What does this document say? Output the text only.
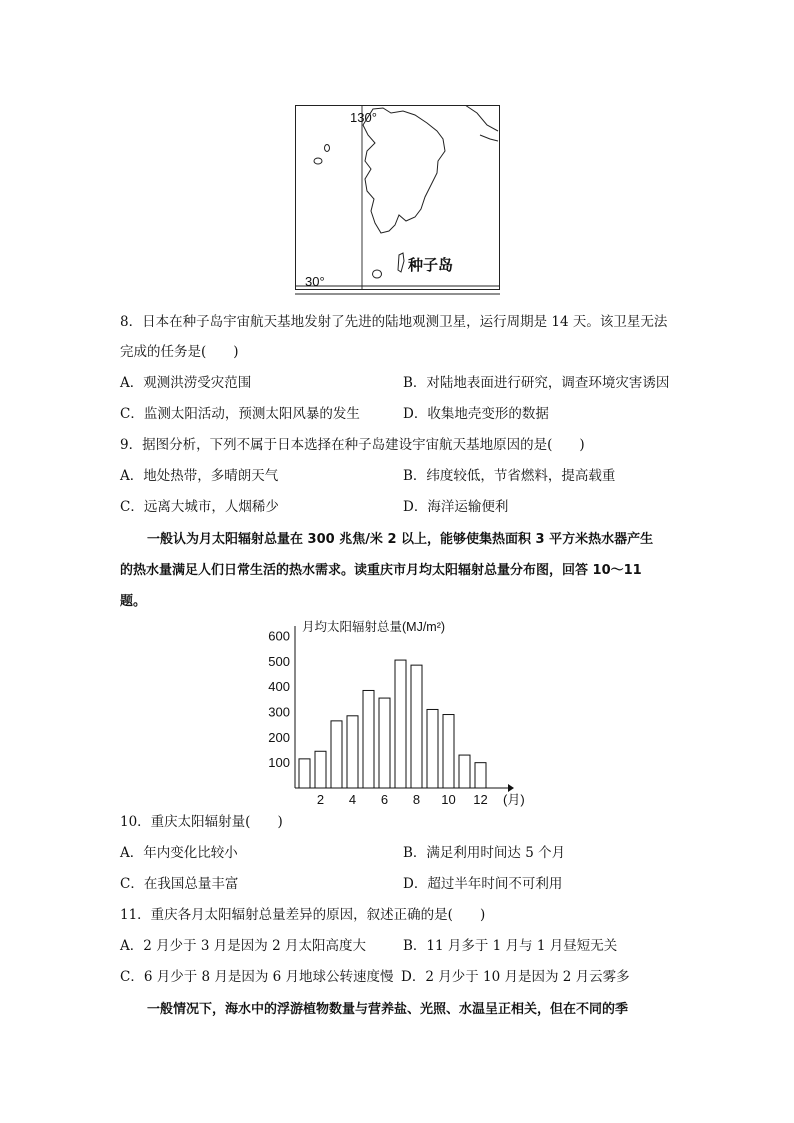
130°
30°
种子岛
8．日本在种子岛宇宙航天基地发射了先进的陆地观测卫星，运行周期是 14 天。该卫星无法
完成的任务是(　　)
A．观测洪涝受灾范围	B．对陆地表面进行研究，调查环境灾害诱因
C．监测太阳活动，预测太阳风暴的发生	D．收集地壳变形的数据
9．据图分析，下列不属于日本选择在种子岛建设宇宙航天基地原因的是(　　)
A．地处热带，多晴朗天气	B．纬度较低，节省燃料，提高载重
C．远离大城市，人烟稀少	D．海洋运输便利
一般认为月太阳辐射总量在 300 兆焦/米 2 以上，能够使集热面积 3 平方米热水器产生
的热水量满足人们日常生活的热水需求。读重庆市月均太阳辐射总量分布图，回答 10～11
题。
100
200
300
400
500
600
2 4 6 8 10 12
月均太阳辐射总量(MJ/m²)
(月)
10．重庆太阳辐射量(　　)
A．年内变化比较小	B．满足利用时间达 5 个月
C．在我国总量丰富	D．超过半年时间不可利用
11．重庆各月太阳辐射总量差异的原因，叙述正确的是(　　)
A．2 月少于 3 月是因为 2 月太阳高度大	B．11 月多于 1 月与 1 月昼短无关
C．6 月少于 8 月是因为 6 月地球公转速度慢 D．2 月少于 10 月是因为 2 月云雾多
一般情况下，海水中的浮游植物数量与营养盐、光照、水温呈正相关，但在不同的季
